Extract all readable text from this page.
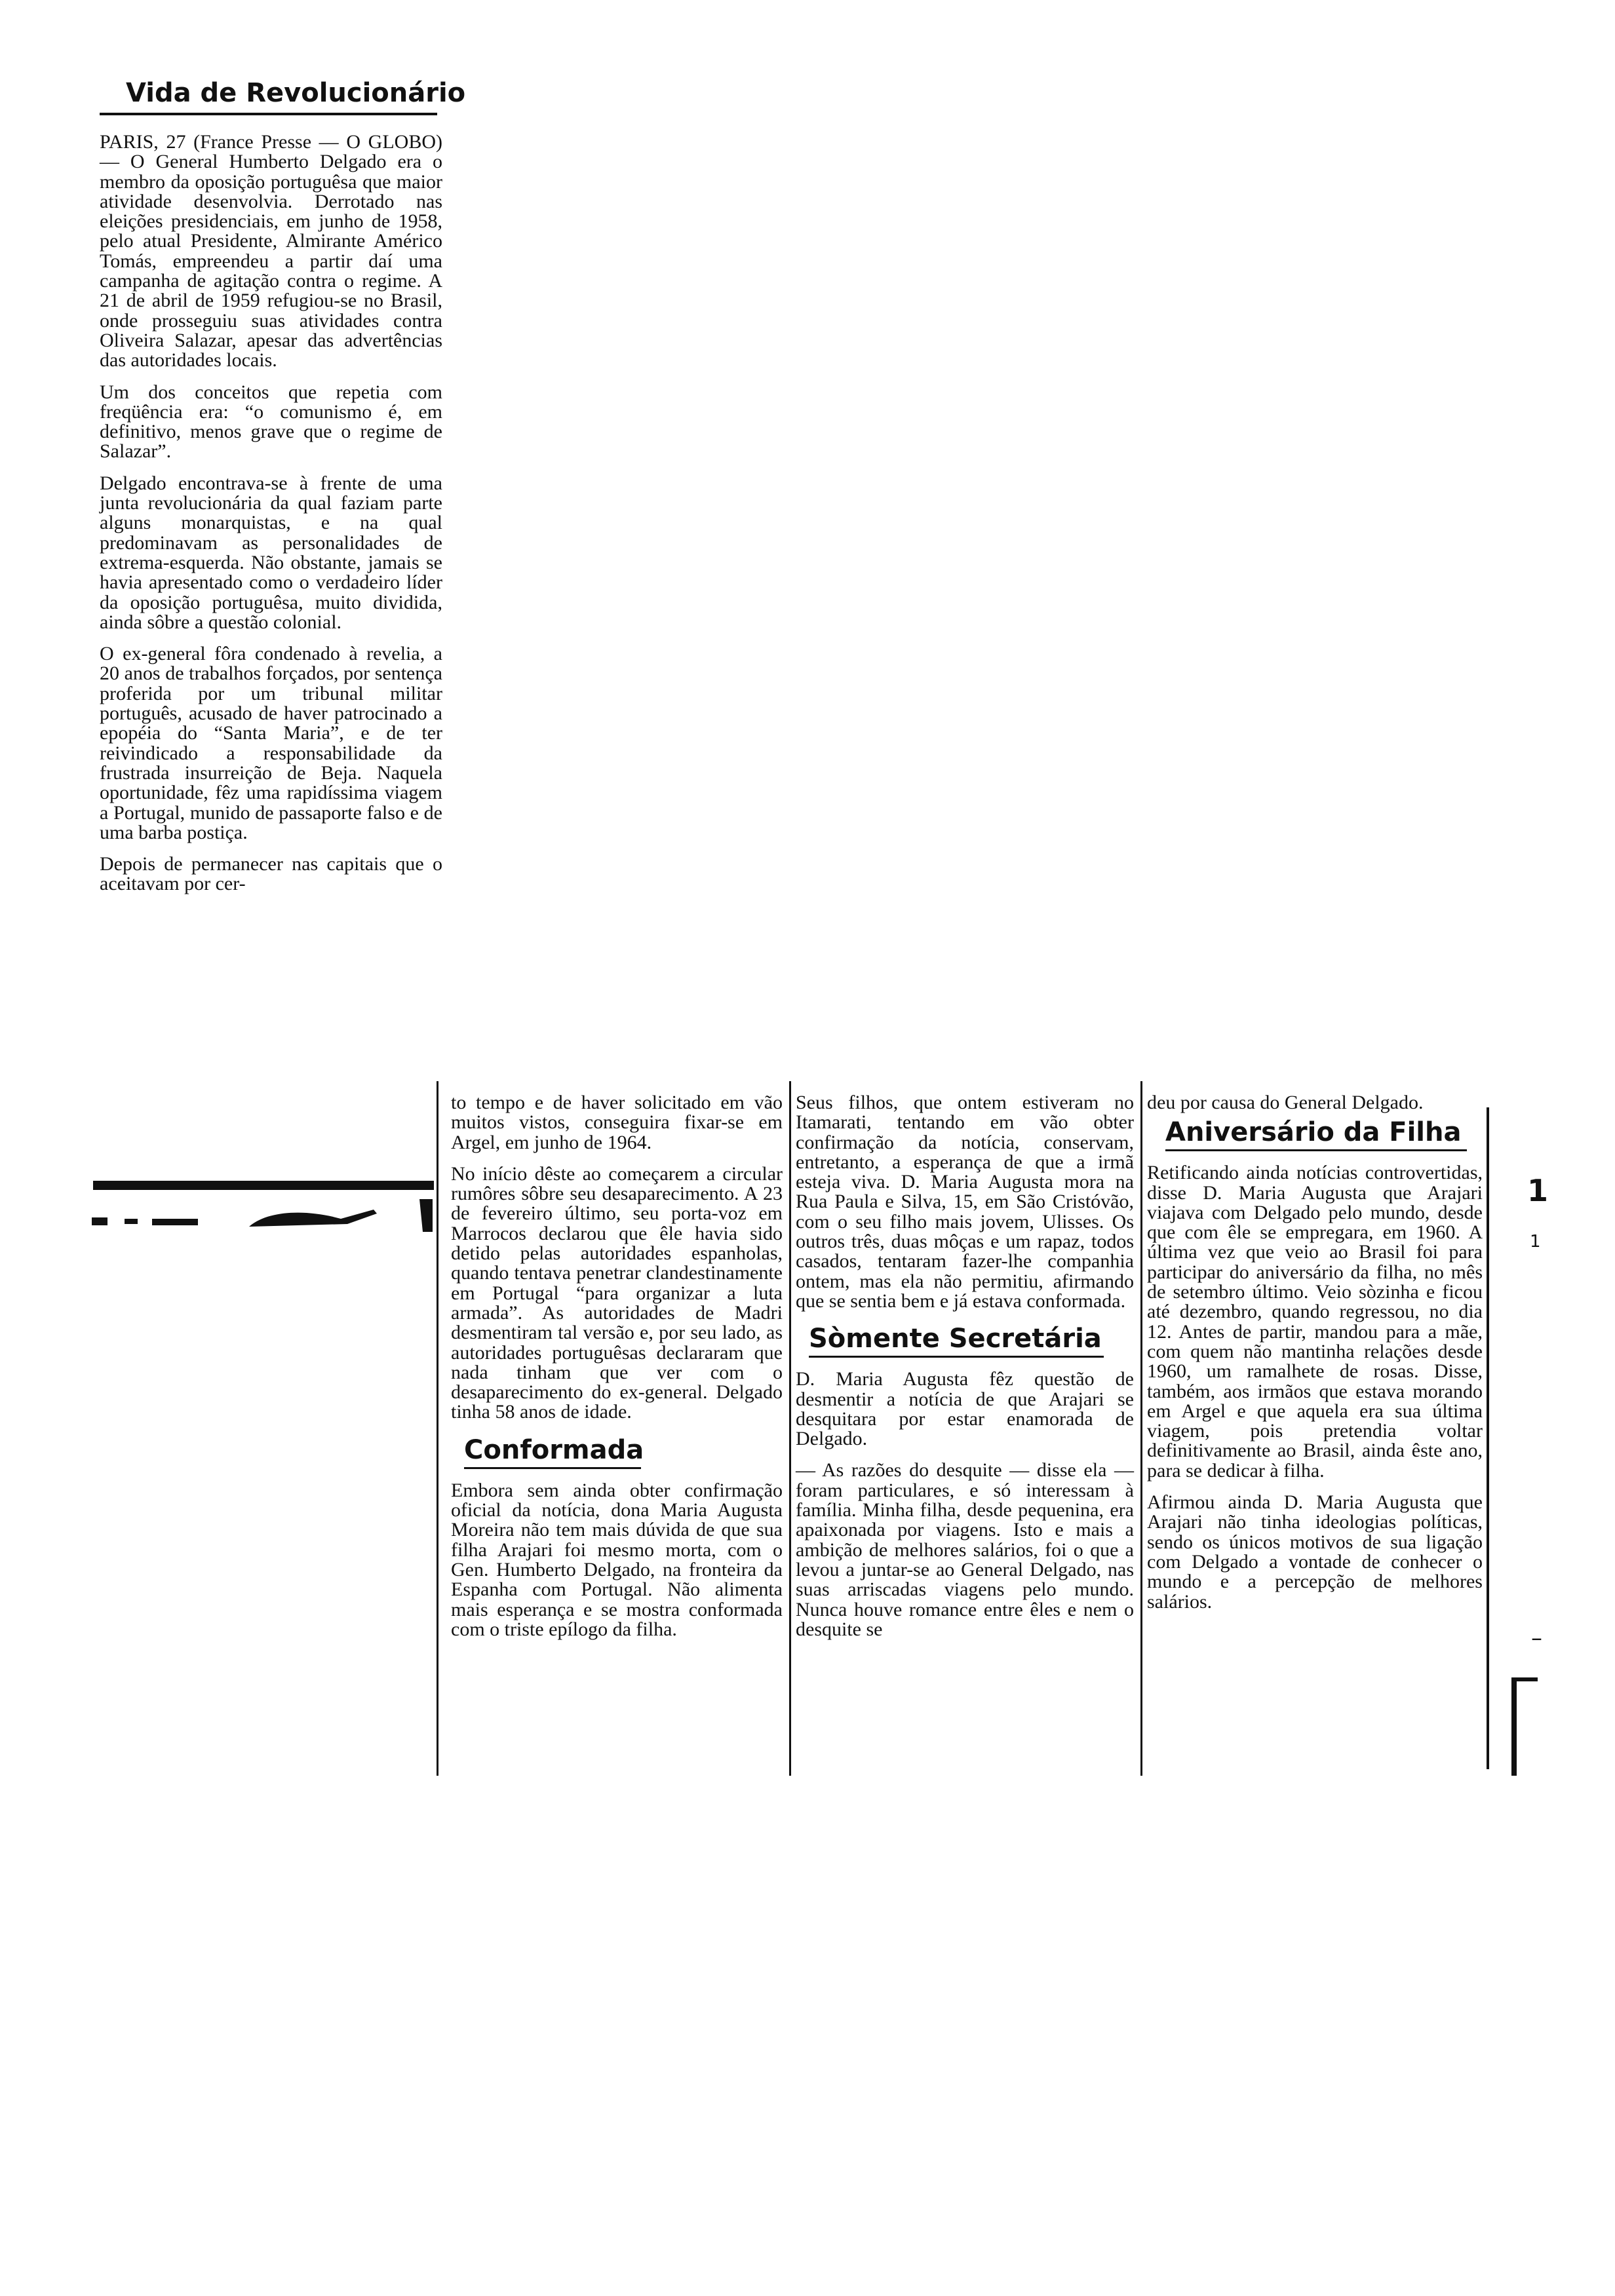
Vida de Revolucionário

PARIS, 27 (France Presse — O GLOBO) — O General Humberto Delgado era o membro da oposição portuguêsa que maior atividade desenvolvia. Derrotado nas eleições presidenciais, em junho de 1958, pelo atual Presidente, Almirante Américo Tomás, empreendeu a partir daí uma campanha de agitação contra o regime. A 21 de abril de 1959 refugiou-se no Brasil, onde prosseguiu suas atividades contra Oliveira Salazar, apesar das advertências das autoridades locais.

Um dos conceitos que repetia com freqüência era: “o comunismo é, em definitivo, menos grave que o regime de Salazar”.

Delgado encontrava-se à frente de uma junta revolucionária da qual faziam parte alguns monarquistas, e na qual predominavam as personalidades de extrema-esquerda. Não obstante, jamais se havia apresentado como o verdadeiro líder da oposição portuguêsa, muito dividida, ainda sôbre a questão colonial.

O ex-general fôra condenado à revelia, a 20 anos de trabalhos forçados, por sentença proferida por um tribunal militar português, acusado de haver patrocinado a epopéia do “Santa Maria”, e de ter reivindicado a responsabilidade da frustrada insurreição de Beja. Naquela oportunidade, fêz uma rapidíssima viagem a Portugal, munido de passaporte falso e de uma barba postiça.

Depois de permanecer nas capitais que o aceitavam por cer-

to tempo e de haver solicitado em vão muitos vistos, conseguira fixar-se em Argel, em junho de 1964.

No início dêste ao começarem a circular rumôres sôbre seu desaparecimento. A 23 de fevereiro último, seu porta-voz em Marrocos declarou que êle havia sido detido pelas autoridades espanholas, quando tentava penetrar clandestinamente em Portugal “para organizar a luta armada”. As autoridades de Madri desmentiram tal versão e, por seu lado, as autoridades portuguêsas declararam que nada tinham que ver com o desaparecimento do ex-general. Delgado tinha 58 anos de idade.

Conformada

Embora sem ainda obter confirmação oficial da notícia, dona Maria Augusta Moreira não tem mais dúvida de que sua filha Arajari foi mesmo morta, com o Gen. Humberto Delgado, na fronteira da Espanha com Portugal. Não alimenta mais esperança e se mostra conformada com o triste epílogo da filha.

Seus filhos, que ontem estiveram no Itamarati, tentando em vão obter confirmação da notícia, conservam, entretanto, a esperança de que a irmã esteja viva. D. Maria Augusta mora na Rua Paula e Silva, 15, em São Cristóvão, com o seu filho mais jovem, Ulisses. Os outros três, duas môças e um rapaz, todos casados, tentaram fazer-lhe companhia ontem, mas ela não permitiu, afirmando que se sentia bem e já estava conformada.

Sòmente Secretária

D. Maria Augusta fêz questão de desmentir a notícia de que Arajari se desquitara por estar enamorada de Delgado.

— As razões do desquite — disse ela — foram particulares, e só interessam à família. Minha filha, desde pequenina, era apaixonada por viagens. Isto e mais a ambição de melhores salários, foi o que a levou a juntar-se ao General Delgado, nas suas arriscadas viagens pelo mundo. Nunca houve romance entre êles e nem o desquite se

deu por causa do General Delgado.

Aniversário da Filha

Retificando ainda notícias controvertidas, disse D. Maria Augusta que Arajari viajava com Delgado pelo mundo, desde que com êle se empregara, em 1960. A última vez que veio ao Brasil foi para participar do aniversário da filha, no mês de setembro último. Veio sòzinha e ficou até dezembro, quando regressou, no dia 12. Antes de partir, mandou para a mãe, com quem não mantinha relações desde 1960, um ramalhete de rosas. Disse, também, aos irmãos que estava morando em Argel e que aquela era sua última viagem, pois pretendia voltar definitivamente ao Brasil, ainda êste ano, para se dedicar à filha.

Afirmou ainda D. Maria Augusta que Arajari não tinha ideologias políticas, sendo os únicos motivos de sua ligação com Delgado a vontade de conhecer o mundo e a percepção de melhores salários.

1
1
–
